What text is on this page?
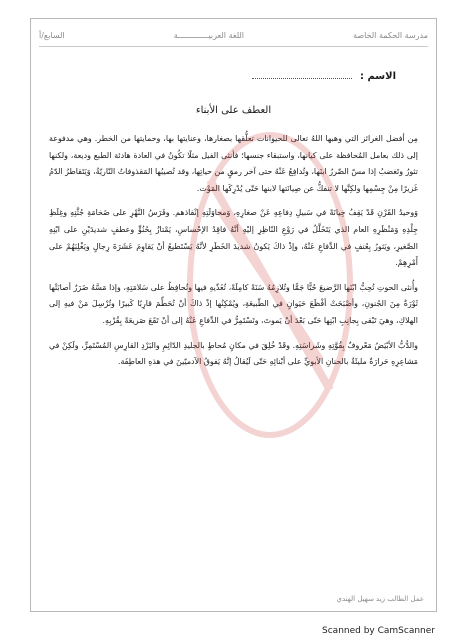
مدرسة الحكمة الخاصة
اللغة العربيـــــــــــــة
السابع/أ
الاسم :
العطف على الأبناء

مِن أفضل الغرائز التي وهبها اللهُ تعالى للحيوانات تعلُّقها بصغارها، وعنايتها بها، وحمايتها من الخطر. وهي مدفوعة إلى ذلك بعامل المُحافظة على كيانها، واستبقاء جنسها؛ فأنثى الفيل مثلًا تكُونُ في العادة هادئة الطبع وديعة، ولكنها تثورُ وتَغضبُ إذا مسّ الضّررُ ابنَها، وتُدافِعُ عَنْهُ حتى آخر رمقٍ من حياتِها، وقد تُصيبُها المَقذوفاتُ النّاريّةُ، وَيَتَقاطرُ الدّمُ غَزيرًا مِنْ جِسْمِها ولكِنَّها لا تنفكُّ عن صِيانَتها لابنها حَتّى يُدْرِكَها المَوْت.

وَوحيدُ القَرْنِ قَدْ يَقِفُ خِيانَةً في سَبيلِ دِفاعِهِ عَنْ صغارِهِ، وَمحاوَلَتِهِ إنْقاذهم. وفَرَسُ النَّهْرِ على ضَخامَةِ جُثَّتِهِ وغِلَظِ جِلْدِهِ وَمَنْظَرِهِ العام الذي يَتَخَلَّلُ في رَوْعِ النّاظِرِ إليْهِ أنَّهُ فاقِدُ الإحْساسِ، يَمْتازُ بِحُنُوٍّ وعطفٍ شديدَيْنِ على ابْنِهِ الصَّغيرِ، ويَثورُ بِعُنفٍ في الدِّفاعِ عَنْهُ، وإذْ ذاكَ يَكونُ شديدَ الخَطَرِ لأنَّهُ يَسْتَطيعُ أنْ يَقاوِمَ عَشَرَةَ رِجالٍ ويَغْلِبَهُمْ على أَمْرِهِمْ.

وأُنثى الحوتِ تُحِبُّ ابْنَها الرَّضيعَ حُبًّا جَمًّا وتُلازِمُهُ سَنَةً كامِلَةً، تُغَذّيهِ فيها وتُحافِظُ على سَلامَتِهِ، وإذا مَسَّهُ ضَرَرٌ أصابَتْها ثَوْرَةٌ مِنَ الجُنونِ، وأصْبَحَتْ أفْظَعَ حَيَوانٍ في الطّبيعَةِ، ويُمْكِنُها إذْ ذاكَ أنْ تُحَطِّمَ قارِبًا كَبيرًا وتُرْسِلَ مَنْ فيهِ إلى الهلاكِ، وهيَ تَبْقى بِجانِبِ ابْنِها حَتّى بَعْدَ أنْ يَموتَ، وتَسْتَمِرُّ في الدِّفاعِ عَنْهُ إلى أنْ تَقَعَ صَريعَةً بِقُرْبِهِ.

والدُّبُّ الأبْيَضُ مَعْروفٌ بِقُوَّتِهِ وشَراسَتِهِ. وقَدْ خُلِقَ في مكانٍ مُحاطٍ بالجليدِ الدّائِمِ والبَرْدِ القارِسِ المُسْتَمِرِّ، ولَكِنْ في مَشاعِرِهِ حَرارَةٌ مليئَةٌ بالحنانِ الأبويِّ على أبْنائِهِ حَتّى لَيُقالُ إنَّهُ يَفوقُ الآدميّينَ في هذهِ العاطِفَة.

عمل الطالب زيد سهيل الهندي
Scanned by CamScanner
